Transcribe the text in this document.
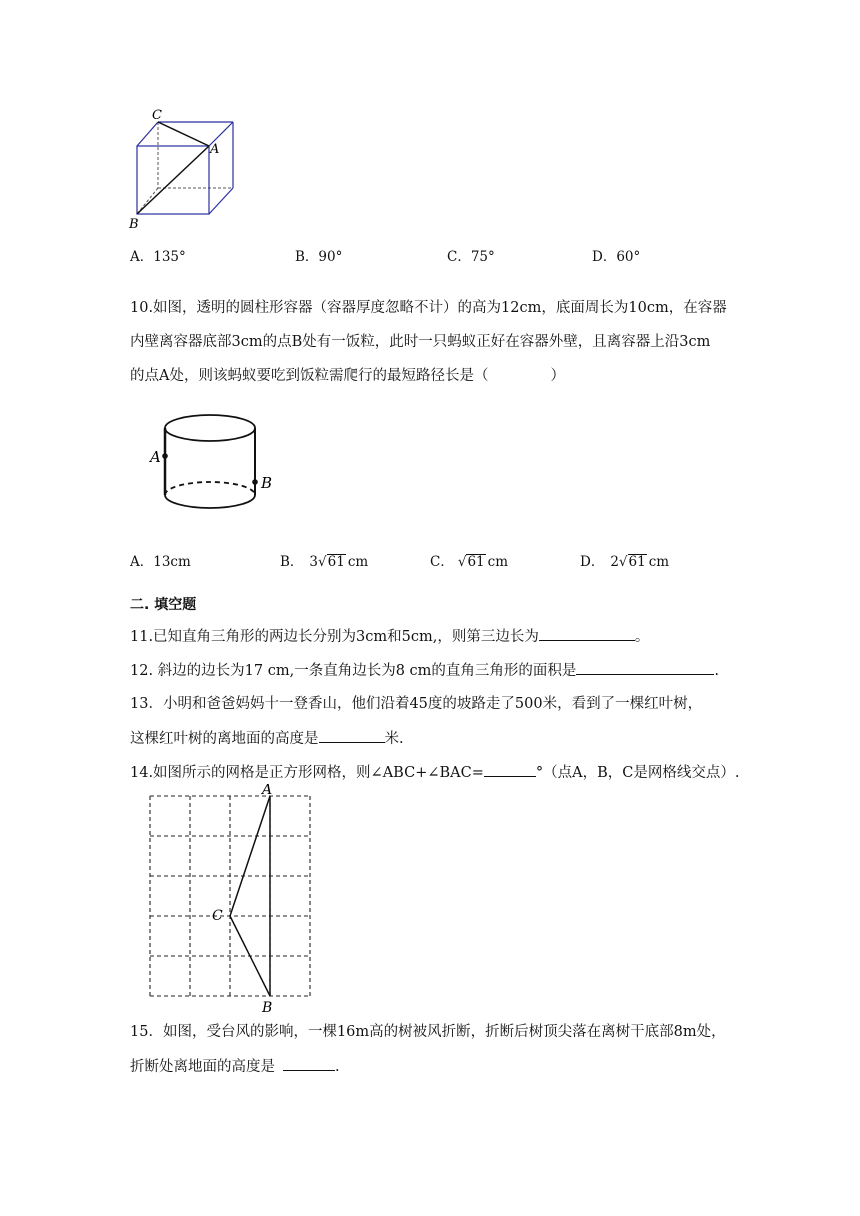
C
A
B
A．135°	B．90°	C．75°	D．60°
10.如图，透明的圆柱形容器（容器厚度忽略不计）的高为12cm，底面周长为10cm，在容器
内壁离容器底部3cm的点B处有一饭粒，此时一只蚂蚁正好在容器外壁，且离容器上沿3cm
的点A处，则该蚂蚁要吃到饭粒需爬行的最短路径长是（	）
A
B
A．13cm	B． 3√61 cm	C． √61 cm	D． 2√61 cm
二. 填空题
11.已知直角三角形的两边长分别为3cm和5cm,，则第三边长为	。
12. 斜边的边长为17 cm,一条直角边长为8 cm的直角三角形的面积是	.
13．小明和爸爸妈妈十一登香山，他们沿着45度的坡路走了500米，看到了一棵红叶树，
这棵红叶树的离地面的高度是	米.
14.如图所示的网格是正方形网格，则∠ABC+∠BAC=	°（点A，B，C是网格线交点）.
A
C
B
15．如图，受台风的影响，一棵16m高的树被风折断，折断后树顶尖落在离树干底部8m处，
折断处离地面的高度是	.
